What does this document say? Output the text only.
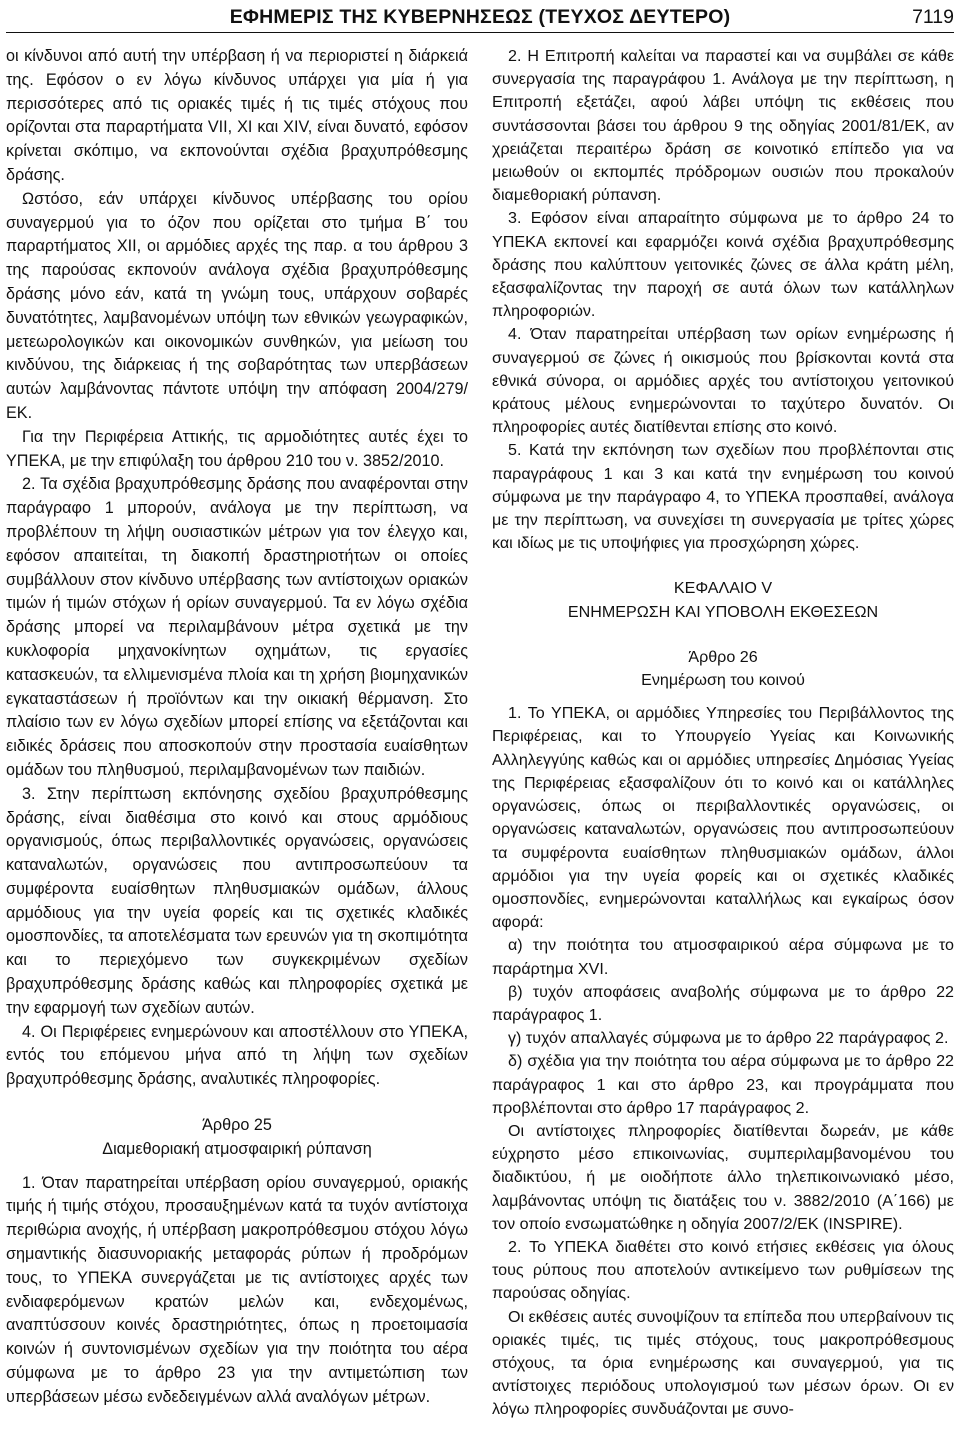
ΕΦΗΜΕΡΙΣ ΤΗΣ ΚΥΒΕΡΝΗΣΕΩΣ (ΤΕΥΧΟΣ ΔΕΥΤΕΡΟ)	7119

οι κίνδυνοι από αυτή την υπέρβαση ή να περιοριστεί η διάρκειά της. Εφόσον ο εν λόγω κίνδυνος υπάρχει για μία ή για περισσότερες από τις οριακές τιμές ή τις τιμές στόχους που ορίζονται στα παραρτήματα VII, XI και XIV, είναι δυνατό, εφόσον κρίνεται σκόπιμο, να εκπονούνται σχέδια βραχυπρόθεσμης δράσης.

Ωστόσο, εάν υπάρχει κίνδυνος υπέρβασης του ορίου συναγερμού για το όζον που ορίζεται στο τμήμα Β΄ του παραρτήματος XII, οι αρμόδιες αρχές της παρ. α του άρθρου 3 της παρούσας εκπονούν ανάλογα σχέδια βραχυπρόθεσμης δράσης μόνο εάν, κατά τη γνώμη τους, υπάρχουν σοβαρές δυνατότητες, λαμβανομένων υπόψη των εθνικών γεωγραφικών, μετεωρολογικών και οικονομικών συνθηκών, για μείωση του κινδύνου, της διάρκειας ή της σοβαρότητας των υπερβάσεων αυτών λαμβάνοντας πάντοτε υπόψη την απόφαση 2004/279/ΕΚ.

Για την Περιφέρεια Αττικής, τις αρμοδιότητες αυτές έχει το ΥΠΕΚΑ, με την επιφύλαξη του άρθρου 210 του ν. 3852/2010.

2. Τα σχέδια βραχυπρόθεσμης δράσης που αναφέρονται στην παράγραφο 1 μπορούν, ανάλογα με την περίπτωση, να προβλέπουν τη λήψη ουσιαστικών μέτρων για τον έλεγχο και, εφόσον απαιτείται, τη διακοπή δραστηριοτήτων οι οποίες συμβάλλουν στον κίνδυνο υπέρβασης των αντίστοιχων οριακών τιμών ή τιμών στόχων ή ορίων συναγερμού. Τα εν λόγω σχέδια δράσης μπορεί να περιλαμβάνουν μέτρα σχετικά με την κυκλοφορία μηχανοκίνητων οχημάτων, τις εργασίες κατασκευών, τα ελλιμενισμένα πλοία και τη χρήση βιομηχανικών εγκαταστάσεων ή προϊόντων και την οικιακή θέρμανση. Στο πλαίσιο των εν λόγω σχεδίων μπορεί επίσης να εξετάζονται και ειδικές δράσεις που αποσκοπούν στην προστασία ευαίσθητων ομάδων του πληθυσμού, περιλαμβανομένων των παιδιών.

3. Στην περίπτωση εκπόνησης σχεδίου βραχυπρόθεσμης δράσης, είναι διαθέσιμα στο κοινό και στους αρμόδιους οργανισμούς, όπως περιβαλλοντικές οργανώσεις, οργανώσεις καταναλωτών, οργανώσεις που αντιπροσωπεύουν τα συμφέροντα ευαίσθητων πληθυσμιακών ομάδων, άλλους αρμόδιους για την υγεία φορείς και τις σχετικές κλαδικές ομοσπονδίες, τα αποτελέσματα των ερευνών για τη σκοπιμότητα και το περιεχόμενο των συγκεκριμένων σχεδίων βραχυπρόθεσμης δράσης καθώς και πληροφορίες σχετικά με την εφαρμογή των σχεδίων αυτών.

4. Οι Περιφέρειες ενημερώνουν και αποστέλλουν στο ΥΠΕΚΑ, εντός του επόμενου μήνα από τη λήψη των σχεδίων βραχυπρόθεσμης δράσης, αναλυτικές πληροφορίες.

Άρθρο 25

Διαμεθοριακή ατμοσφαιρική ρύπανση

1. Όταν παρατηρείται υπέρβαση ορίου συναγερμού, οριακής τιμής ή τιμής στόχου, προσαυξημένων κατά τα τυχόν αντίστοιχα περιθώρια ανοχής, ή υπέρβαση μακροπρόθεσμου στόχου λόγω σημαντικής διασυνοριακής μεταφοράς ρύπων ή προδρόμων τους, το ΥΠΕΚΑ συνεργάζεται με τις αντίστοιχες αρχές των ενδιαφερόμενων κρατών μελών και, ενδεχομένως, αναπτύσσουν κοινές δραστηριότητες, όπως η προετοιμασία κοινών ή συντονισμένων σχεδίων για την ποιότητα του αέρα σύμφωνα με το άρθρο 23 για την αντιμετώπιση των υπερβάσεων μέσω ενδεδειγμένων αλλά αναλόγων μέτρων.

2. Η Επιτροπή καλείται να παραστεί και να συμβάλει σε κάθε συνεργασία της παραγράφου 1. Ανάλογα με την περίπτωση, η Επιτροπή εξετάζει, αφού λάβει υπόψη τις εκθέσεις που συντάσσονται βάσει του άρθρου 9 της οδηγίας 2001/81/ΕΚ, αν χρειάζεται περαιτέρω δράση σε κοινοτικό επίπεδο για να μειωθούν οι εκπομπές πρόδρομων ουσιών που προκαλούν διαμεθοριακή ρύπανση.

3. Εφόσον είναι απαραίτητο σύμφωνα με το άρθρο 24 το ΥΠΕΚΑ εκπονεί και εφαρμόζει κοινά σχέδια βραχυπρόθεσμης δράσης που καλύπτουν γειτονικές ζώνες σε άλλα κράτη μέλη, εξασφαλίζοντας την παροχή σε αυτά όλων των κατάλληλων πληροφοριών.

4. Όταν παρατηρείται υπέρβαση των ορίων ενημέρωσης ή συναγερμού σε ζώνες ή οικισμούς που βρίσκονται κοντά στα εθνικά σύνορα, οι αρμόδιες αρχές του αντίστοιχου γειτονικού κράτους μέλους ενημερώνονται το ταχύτερο δυνατόν. Οι πληροφορίες αυτές διατίθενται επίσης στο κοινό.

5. Κατά την εκπόνηση των σχεδίων που προβλέπονται στις παραγράφους 1 και 3 και κατά την ενημέρωση του κοινού σύμφωνα με την παράγραφο 4, το ΥΠΕΚΑ προσπαθεί, ανάλογα με την περίπτωση, να συνεχίσει τη συνεργασία με τρίτες χώρες και ιδίως με τις υποψήφιες για προσχώρηση χώρες.

ΚΕΦΑΛΑΙΟ V

ΕΝΗΜΕΡΩΣΗ ΚΑΙ ΥΠΟΒΟΛΗ ΕΚΘΕΣΕΩΝ

Άρθρο 26

Ενημέρωση του κοινού

1. Το ΥΠΕΚΑ, οι αρμόδιες Υπηρεσίες του Περιβάλλοντος της Περιφέρειας, και το Υπουργείο Υγείας και Κοινωνικής Αλληλεγγύης καθώς και οι αρμόδιες υπηρεσίες Δημόσιας Υγείας της Περιφέρειας εξασφαλίζουν ότι το κοινό και οι κατάλληλες οργανώσεις, όπως οι περιβαλλοντικές οργανώσεις, οι οργανώσεις καταναλωτών, οργανώσεις που αντιπροσωπεύουν τα συμφέροντα ευαίσθητων πληθυσμιακών ομάδων, άλλοι αρμόδιοι για την υγεία φορείς και οι σχετικές κλαδικές ομοσπονδίες, ενημερώνονται καταλλήλως και εγκαίρως όσον αφορά:

α) την ποιότητα του ατμοσφαιρικού αέρα σύμφωνα με το παράρτημα XVI.

β) τυχόν αποφάσεις αναβολής σύμφωνα με το άρθρο 22 παράγραφος 1.

γ) τυχόν απαλλαγές σύμφωνα με το άρθρο 22 παράγραφος 2.

δ) σχέδια για την ποιότητα του αέρα σύμφωνα με το άρθρο 22 παράγραφος 1 και στο άρθρο 23, και προγράμματα που προβλέπονται στο άρθρο 17 παράγραφος 2.

Οι αντίστοιχες πληροφορίες διατίθενται δωρεάν, με κάθε εύχρηστο μέσο επικοινωνίας, συμπεριλαμβανομένου του διαδικτύου, ή με οιοδήποτε άλλο τηλεπικοινωνιακό μέσο, λαμβάνοντας υπόψη τις διατάξεις του ν. 3882/2010 (Α΄166) με τον οποίο ενσωματώθηκε η οδηγία 2007/2/ΕΚ (INSPIRE).

2. Το ΥΠΕΚΑ διαθέτει στο κοινό ετήσιες εκθέσεις για όλους τους ρύπους που αποτελούν αντικείμενο των ρυθμίσεων της παρούσας οδηγίας.

Οι εκθέσεις αυτές συνοψίζουν τα επίπεδα που υπερβαίνουν τις οριακές τιμές, τις τιμές στόχους, τους μακροπρόθεσμους στόχους, τα όρια ενημέρωσης και συναγερμού, για τις αντίστοιχες περιόδους υπολογισμού των μέσων όρων. Οι εν λόγω πληροφορίες συνδυάζονται με συνο-
